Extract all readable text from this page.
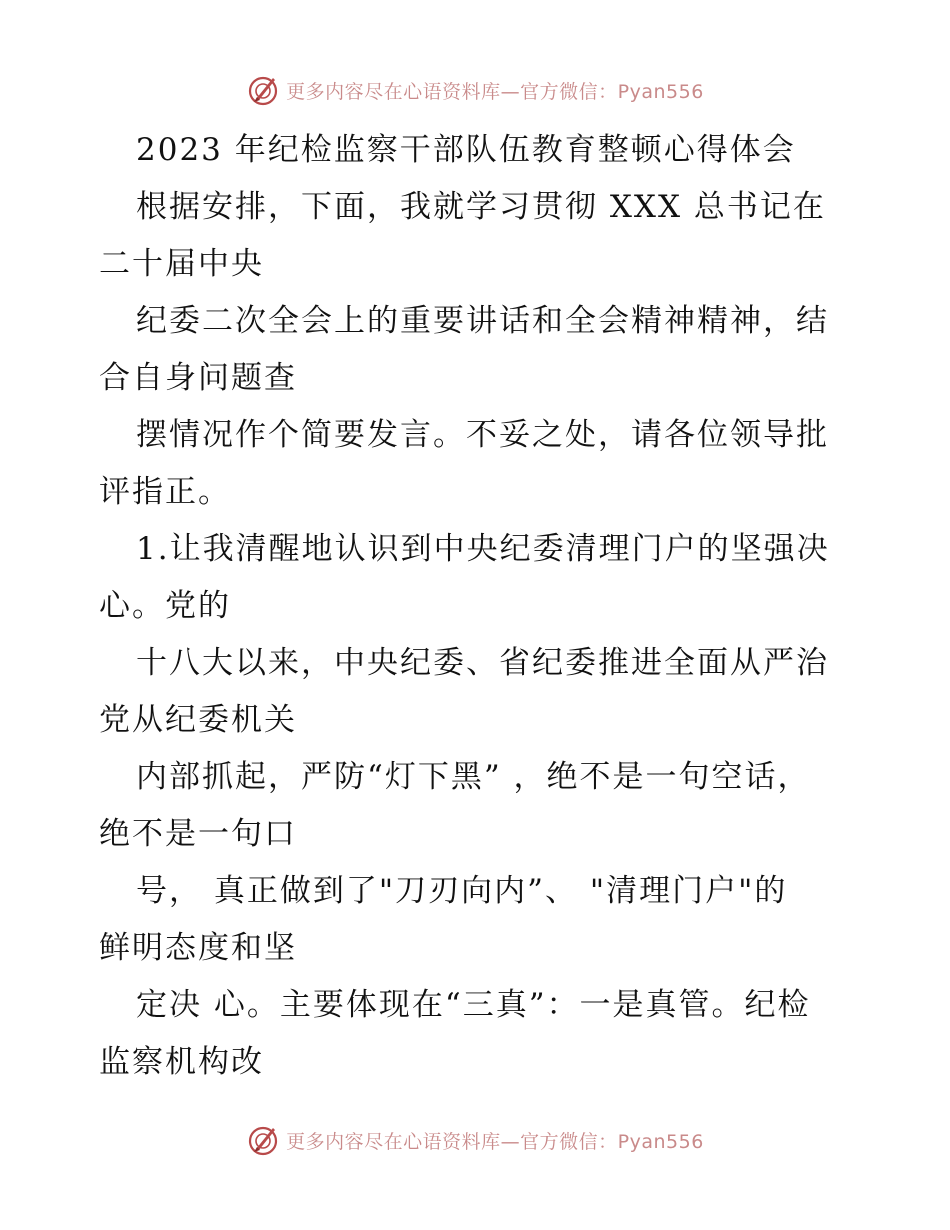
更多内容尽在心语资料库—官方微信：Pyan556
2023 年纪检监察干部队伍教育整顿心得体会
根据安排，下面，我就学习贯彻 XXX 总书记在
二十届中央
纪委二次全会上的重要讲话和全会精神精神，结
合自身问题查
摆情况作个简要发言。不妥之处，请各位领导批
评指正。
1.让我清醒地认识到中央纪委清理门户的坚强决
心。党的
十八大以来，中央纪委、省纪委推进全面从严治
党从纪委机关
内部抓起，严防“灯下黑” ，绝不是一句空话，
绝不是一句口
号， 真正做到了"刀刃向内”、 "清理门户"的
鲜明态度和坚
定决 心。主要体现在“三真”：一是真管。纪检
监察机构改
更多内容尽在心语资料库—官方微信：Pyan556
